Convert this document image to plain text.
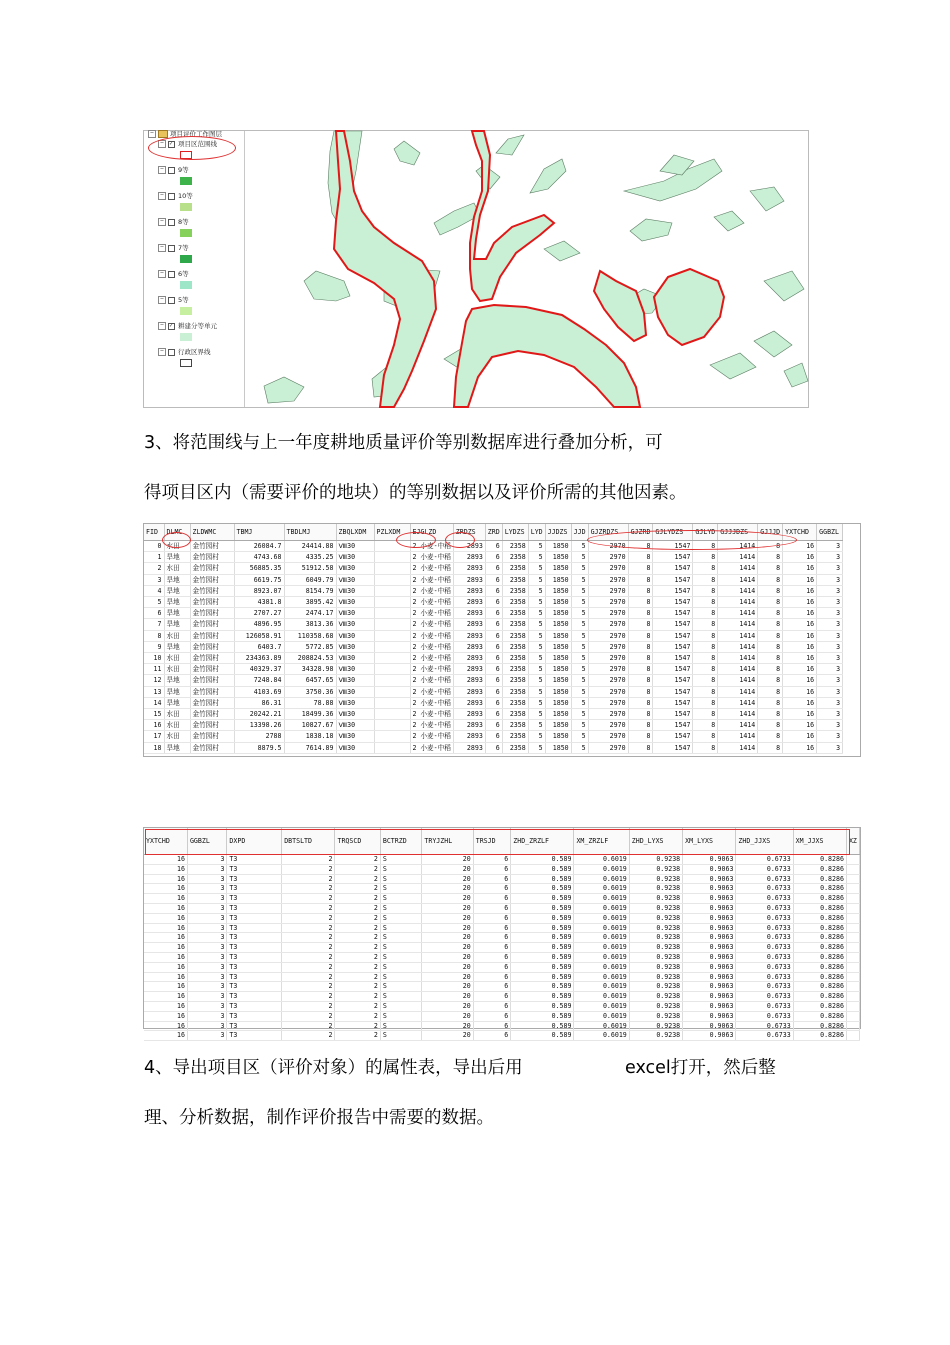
− 项目评价工作图层
− ✓ 项目区范围线
− 9等
− 10等
− 8等
− 7等
− 6等
− 5等
− ✓ 耕建分等单元
− 行政区界线
3、将范围线与上一年度耕地质量评价等别数据库进行叠加分析，可
得项目区内（需要评价的地块）的等别数据以及评价所需的其他因素。
FID	DLMC	ZLDWMC	TBMJ	TBDLMJ	ZBQLXDM	PZLXDM	EJGLZD	ZRDZS	ZRD	LYDZS	LYD	JJDZS	JJD	GJZRDZS	GJZRD	GJLYDZS	GJLYD	GJJJDZS	GJJJD	YXTCHD	GGBZL
0	水田	金竹园村	26084.7	24414.88	Ⅷ30		2 小麦-中稻	2893	6	2358	5	1850	5	2970	8	1547	8	1414	8	16	3
1	旱地	金竹园村	4743.68	4335.25	Ⅷ30		2 小麦-中稻	2893	6	2358	5	1850	5	2970	8	1547	8	1414	8	16	3
2	水田	金竹园村	56885.35	51912.58	Ⅷ30		2 小麦-中稻	2893	6	2358	5	1850	5	2970	8	1547	8	1414	8	16	3
3	旱地	金竹园村	6619.75	6049.79	Ⅷ30		2 小麦-中稻	2893	6	2358	5	1850	5	2970	8	1547	8	1414	8	16	3
4	旱地	金竹园村	8923.07	8154.79	Ⅷ30		2 小麦-中稻	2893	6	2358	5	1850	5	2970	8	1547	8	1414	8	16	3
5	旱地	金竹园村	4381.8	3895.42	Ⅷ30		2 小麦-中稻	2893	6	2358	5	1850	5	2970	8	1547	8	1414	8	16	3
6	旱地	金竹园村	2707.27	2474.17	Ⅷ30		2 小麦-中稻	2893	6	2358	5	1850	5	2970	8	1547	8	1414	8	16	3
7	旱地	金竹园村	4896.95	3813.36	Ⅷ30		2 小麦-中稻	2893	6	2358	5	1850	5	2970	8	1547	8	1414	8	16	3
8	水田	金竹园村	126058.91	110358.68	Ⅷ30		2 小麦-中稻	2893	6	2358	5	1850	5	2970	8	1547	8	1414	8	16	3
9	旱地	金竹园村	6403.7	5772.85	Ⅷ30		2 小麦-中稻	2893	6	2358	5	1850	5	2970	8	1547	8	1414	8	16	3
10	水田	金竹园村	234363.89	208824.53	Ⅷ30		2 小麦-中稻	2893	6	2358	5	1850	5	2970	8	1547	8	1414	8	16	3
11	水田	金竹园村	40329.37	34328.98	Ⅷ30		2 小麦-中稻	2893	6	2358	5	1850	5	2970	8	1547	8	1414	8	16	3
12	旱地	金竹园村	7248.84	6457.65	Ⅷ30		2 小麦-中稻	2893	6	2358	5	1850	5	2970	8	1547	8	1414	8	16	3
13	旱地	金竹园村	4103.69	3750.36	Ⅷ30		2 小麦-中稻	2893	6	2358	5	1850	5	2970	8	1547	8	1414	8	16	3
14	旱地	金竹园村	86.31	78.88	Ⅷ30		2 小麦-中稻	2893	6	2358	5	1850	5	2970	8	1547	8	1414	8	16	3
15	水田	金竹园村	20242.21	18499.36	Ⅷ30		2 小麦-中稻	2893	6	2358	5	1850	5	2970	8	1547	8	1414	8	16	3
16	水田	金竹园村	13398.26	10827.67	Ⅷ30		2 小麦-中稻	2893	6	2358	5	1850	5	2970	8	1547	8	1414	8	16	3
17	水田	金竹园村	2788	1838.18	Ⅷ30		2 小麦-中稻	2893	6	2358	5	1850	5	2970	8	1547	8	1414	8	16	3
18	旱地	金竹园村	8879.5	7614.89	Ⅷ30		2 小麦-中稻	2893	6	2358	5	1850	5	2970	8	1547	8	1414	8	16	3
YXTCHD	GGBZL	DXPD	DBTSLTD	TRQSCD	BCTRZD	TRYJZHL	TRSJD	ZHD_ZRZLF	XM_ZRZLF	ZHD_LYXS	XM_LYXS	ZHD_JJXS	XM_JJXS	XZ
16	3	T3	2	2	S	20	6	0.589	0.6019	0.9238	0.9063	0.6733	0.8286	
16	3	T3	2	2	S	20	6	0.589	0.6019	0.9238	0.9063	0.6733	0.8286	
16	3	T3	2	2	S	20	6	0.589	0.6019	0.9238	0.9063	0.6733	0.8286	
16	3	T3	2	2	S	20	6	0.589	0.6019	0.9238	0.9063	0.6733	0.8286	
16	3	T3	2	2	S	20	6	0.589	0.6019	0.9238	0.9063	0.6733	0.8286	
16	3	T3	2	2	S	20	6	0.589	0.6019	0.9238	0.9063	0.6733	0.8286	
16	3	T3	2	2	S	20	6	0.589	0.6019	0.9238	0.9063	0.6733	0.8286	
16	3	T3	2	2	S	20	6	0.589	0.6019	0.9238	0.9063	0.6733	0.8286	
16	3	T3	2	2	S	20	6	0.589	0.6019	0.9238	0.9063	0.6733	0.8286	
16	3	T3	2	2	S	20	6	0.589	0.6019	0.9238	0.9063	0.6733	0.8286	
16	3	T3	2	2	S	20	6	0.589	0.6019	0.9238	0.9063	0.6733	0.8286	
16	3	T3	2	2	S	20	6	0.589	0.6019	0.9238	0.9063	0.6733	0.8286	
16	3	T3	2	2	S	20	6	0.589	0.6019	0.9238	0.9063	0.6733	0.8286	
16	3	T3	2	2	S	20	6	0.589	0.6019	0.9238	0.9063	0.6733	0.8286	
16	3	T3	2	2	S	20	6	0.589	0.6019	0.9238	0.9063	0.6733	0.8286	
16	3	T3	2	2	S	20	6	0.589	0.6019	0.9238	0.9063	0.6733	0.8286	
16	3	T3	2	2	S	20	6	0.589	0.6019	0.9238	0.9063	0.6733	0.8286	
16	3	T3	2	2	S	20	6	0.589	0.6019	0.9238	0.9063	0.6733	0.8286	
16	3	T3	2	2	S	20	6	0.589	0.6019	0.9238	0.9063	0.6733	0.8286	
4、导出项目区（评价对象）的属性表，导出后用	excel打开，然后整
理、分析数据，制作评价报告中需要的数据。
